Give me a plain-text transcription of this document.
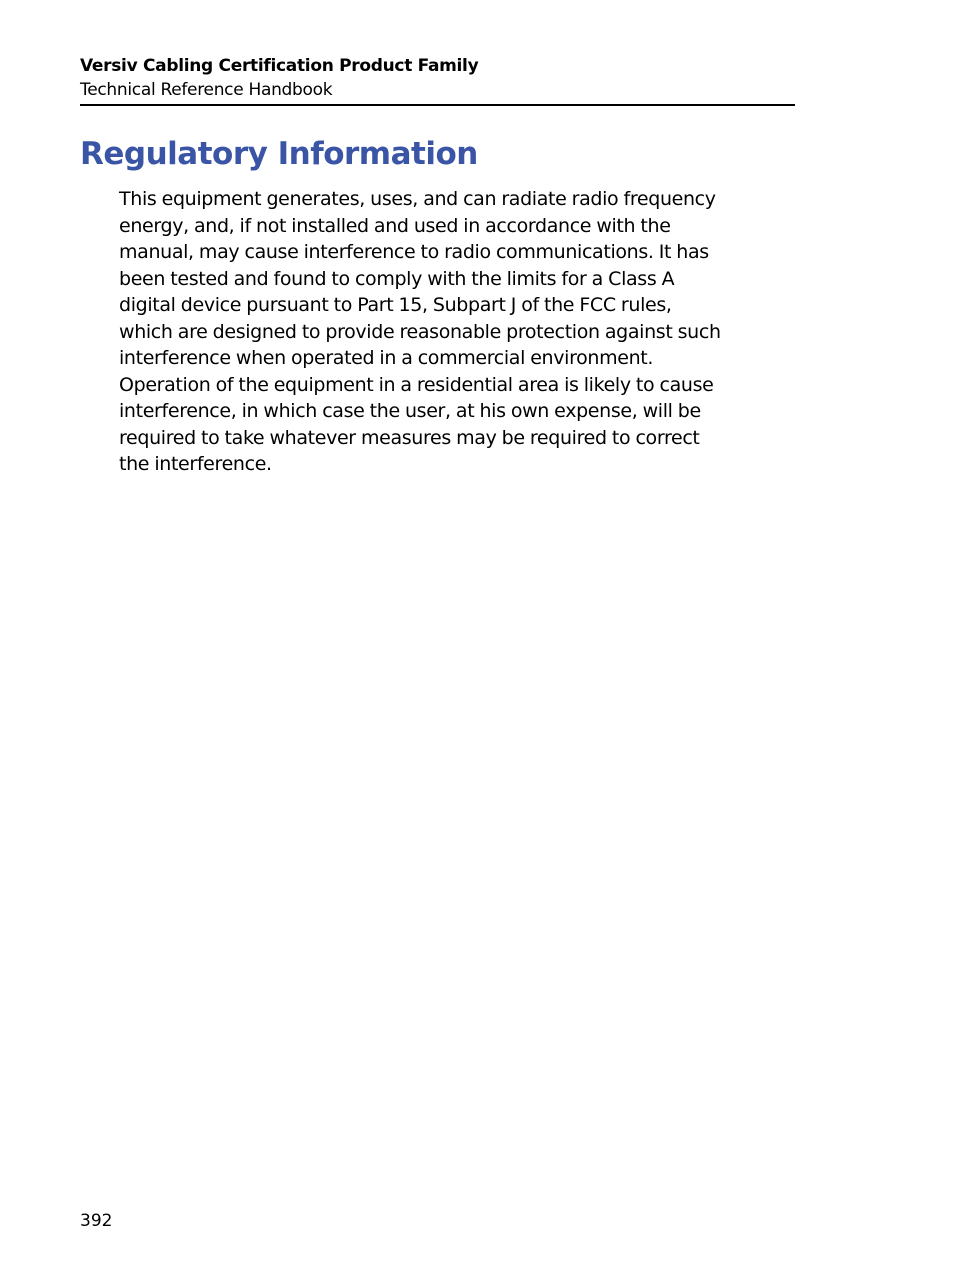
Versiv Cabling Certification Product Family
Technical Reference Handbook
Regulatory Information
This equipment generates, uses, and can radiate radio frequency
energy, and, if not installed and used in accordance with the
manual, may cause interference to radio communications. It has
been tested and found to comply with the limits for a Class A
digital device pursuant to Part 15, Subpart J of the FCC rules,
which are designed to provide reasonable protection against such
interference when operated in a commercial environment.
Operation of the equipment in a residential area is likely to cause
interference, in which case the user, at his own expense, will be
required to take whatever measures may be required to correct
the interference.
392
